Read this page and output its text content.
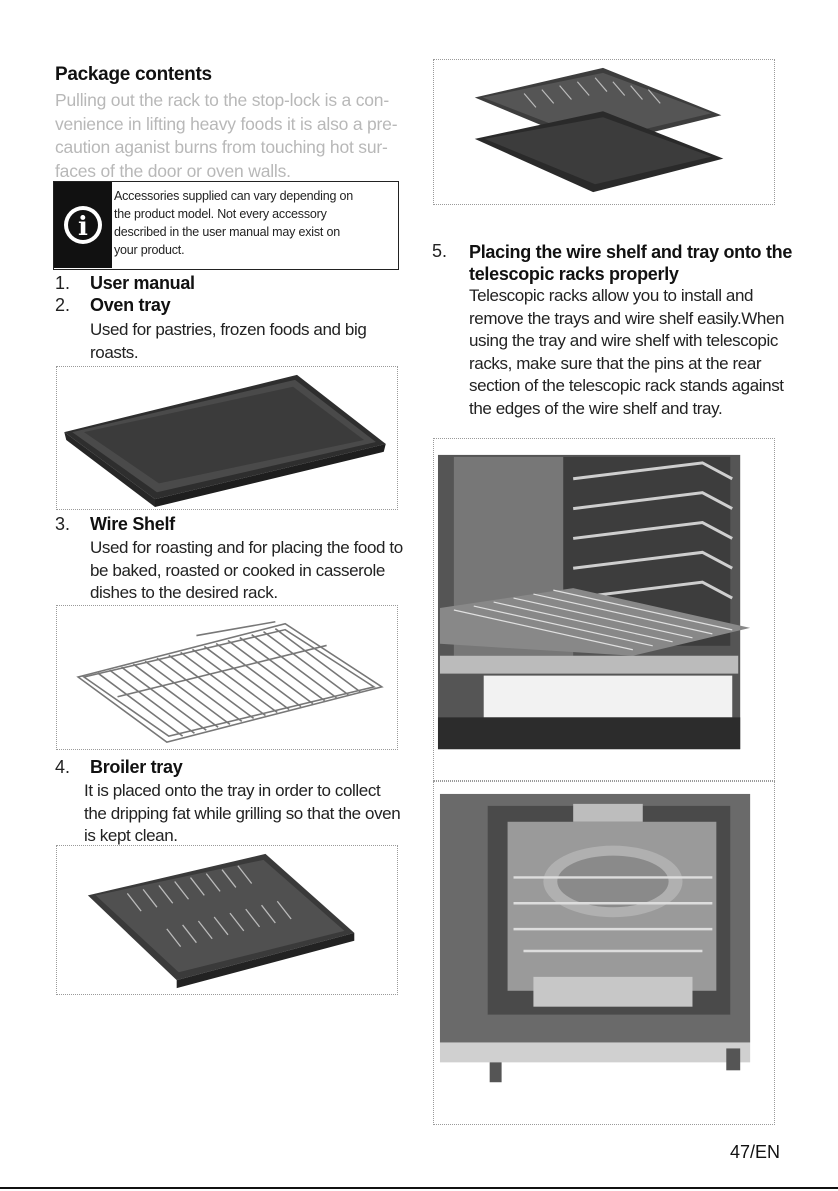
Package contents
Pulling out the rack to the stop-lock is a con-
venience in lifting heavy foods it is also a pre-
caution aganist burns from touching hot sur-
faces of the door or oven walls.
i
Accessories supplied can vary depending on
the product model. Not every accessory
described in the user manual may exist on
your product.
1. User manual
2. Oven tray
Used for pastries, frozen foods and big
roasts.
3. Wire Shelf
Used for roasting and for placing the food to
be baked, roasted or cooked in casserole
dishes to the desired rack.
4. Broiler tray
It is placed onto the tray in order to collect
the dripping fat while grilling so that the oven
is kept clean.
5. Placing the wire shelf and tray onto the
telescopic racks properly
Telescopic racks allow you to install and
remove the trays and wire shelf easily.When
using the tray and wire shelf with telescopic
racks, make sure that the pins at the rear
section of the telescopic rack stands against
the edges of the wire shelf and tray.
47/EN
